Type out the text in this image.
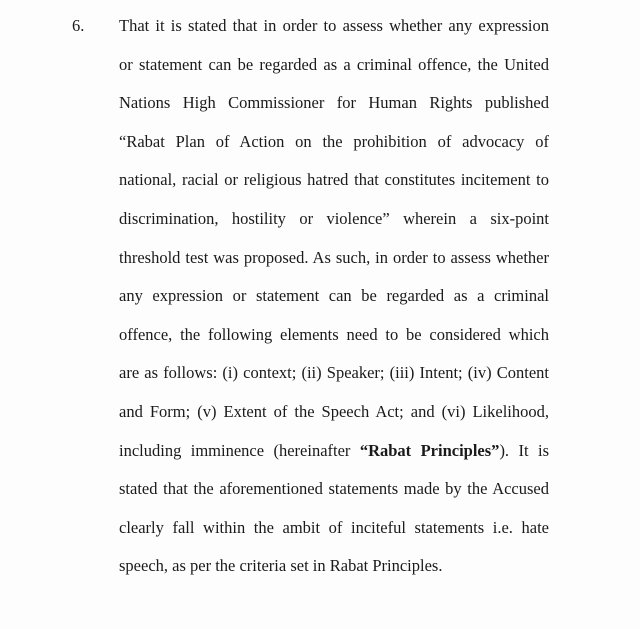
6. That it is stated that in order to assess whether any expression
or statement can be regarded as a criminal offence, the United
Nations High Commissioner for Human Rights published
“Rabat Plan of Action on the prohibition of advocacy of
national, racial or religious hatred that constitutes incitement to
discrimination, hostility or violence” wherein a six-point
threshold test was proposed. As such, in order to assess whether
any expression or statement can be regarded as a criminal
offence, the following elements need to be considered which
are as follows: (i) context; (ii) Speaker; (iii) Intent; (iv) Content
and Form; (v) Extent of the Speech Act; and (vi) Likelihood,
including imminence (hereinafter “Rabat Principles”). It is
stated that the aforementioned statements made by the Accused
clearly fall within the ambit of inciteful statements i.e. hate
speech, as per the criteria set in Rabat Principles.
